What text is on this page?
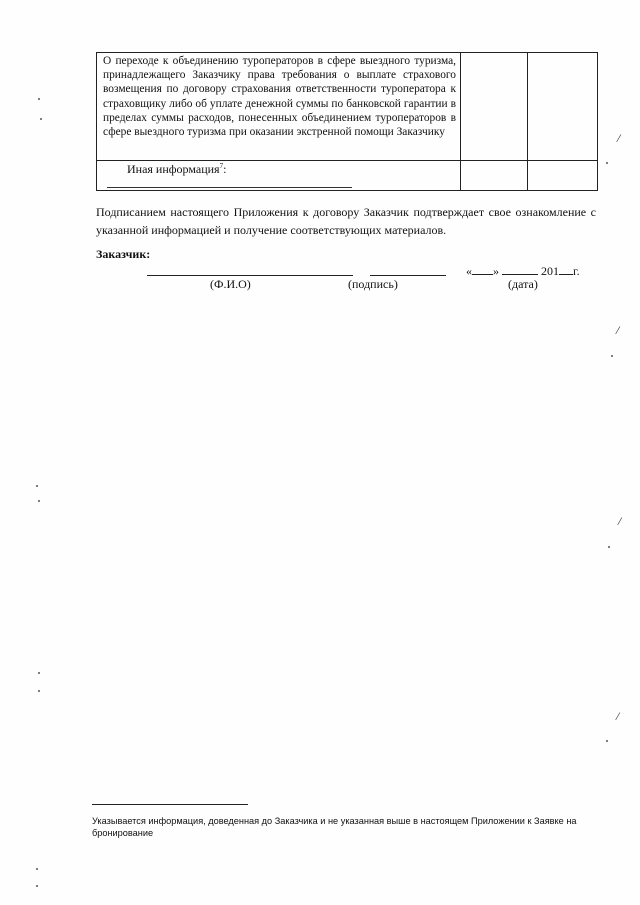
/
/
/
/
О переходе к объединению туроператоров в сфере выездного туризма, принадлежащего Заказчику права требования о выплате страхового возмещения по договору страхования ответственности туроператора к страховщику либо об уплате денежной суммы по банковской гарантии в пределах суммы расходов, понесенных объединением туроператоров в сфере выездного туризма при оказании экстренной помощи Заказчику		
Иная информация$^7$:

Подписанием настоящего Приложения к договору Заказчик подтверждает свое ознакомление с указанной информацией и получение соответствующих материалов.

Заказчик:

« »	201 г.
(Ф.И.О)	(подпись)	(дата)

Указывается информация, доведенная до Заказчика и не указанная выше в настоящем Приложении к Заявке на бронирование
